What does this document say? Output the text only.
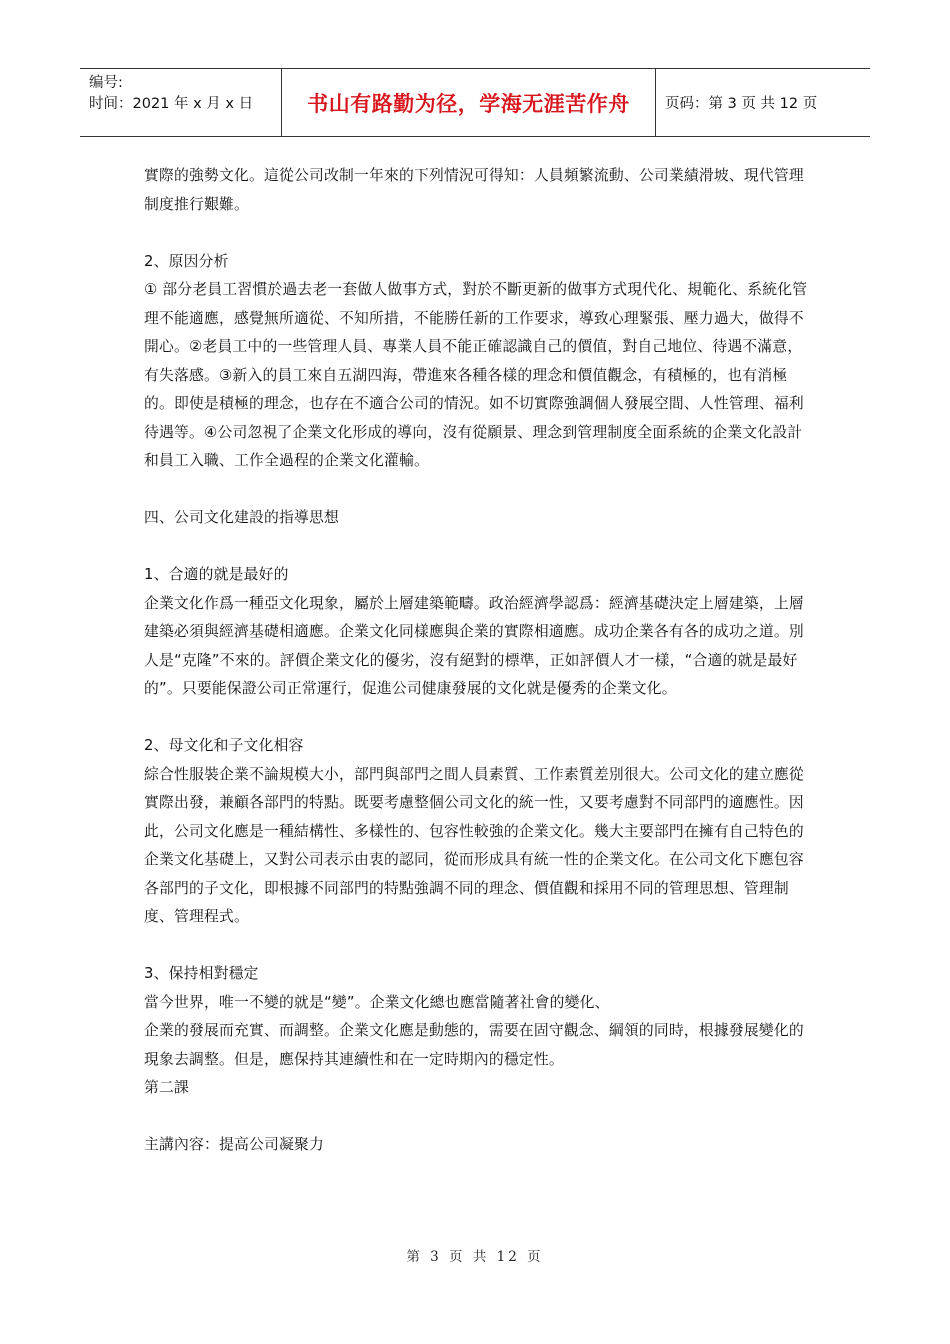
编号:
时间：2021 年 x 月 x 日	书山有路勤为径，学海无涯苦作舟	页码：第 3 页 共 12 页

實際的強勢文化。這從公司改制一年來的下列情況可得知：人員頻繁流動、公司業績滑坡、現代管理制度推行艱難。

2、原因分析

① 部分老員工習慣於過去老一套做人做事方式，對於不斷更新的做事方式現代化、規範化、系統化管理不能適應，感覺無所適從、不知所措，不能勝任新的工作要求，導致心理緊張、壓力過大，做得不開心。②老員工中的一些管理人員、專業人員不能正確認識自己的價值，對自己地位、待遇不滿意，有失落感。③新入的員工來自五湖四海，帶進來各種各樣的理念和價值觀念，有積極的，也有消極的。即使是積極的理念，也存在不適合公司的情況。如不切實際強調個人發展空間、人性管理、福利待遇等。④公司忽視了企業文化形成的導向，沒有從願景、理念到管理制度全面系統的企業文化設計和員工入職、工作全過程的企業文化灌輸。

四、公司文化建設的指導思想

1、合適的就是最好的

企業文化作爲一種亞文化現象，屬於上層建築範疇。政治經濟學認爲：經濟基礎決定上層建築，上層建築必須與經濟基礎相適應。企業文化同樣應與企業的實際相適應。成功企業各有各的成功之道。別人是“克隆”不來的。評價企業文化的優劣，沒有絕對的標準，正如評價人才一樣，“合適的就是最好的”。只要能保證公司正常運行，促進公司健康發展的文化就是優秀的企業文化。

2、母文化和子文化相容

綜合性服裝企業不論規模大小，部門與部門之間人員素質、工作素質差別很大。公司文化的建立應從實際出發，兼顧各部門的特點。既要考慮整個公司文化的統一性，又要考慮對不同部門的適應性。因此，公司文化應是一種結構性、多樣性的、包容性較強的企業文化。幾大主要部門在擁有自己特色的企業文化基礎上，又對公司表示由衷的認同，從而形成具有統一性的企業文化。在公司文化下應包容各部門的子文化，即根據不同部門的特點強調不同的理念、價值觀和採用不同的管理思想、管理制度、管理程式。

3、保持相對穩定

當今世界，唯一不變的就是“變”。企業文化總也應當隨著社會的變化、

企業的發展而充實、而調整。企業文化應是動態的，需要在固守觀念、綱領的同時，根據發展變化的現象去調整。但是，應保持其連續性和在一定時期內的穩定性。

第二課

主講內容：提高公司凝聚力

第 3 页 共 12 页
